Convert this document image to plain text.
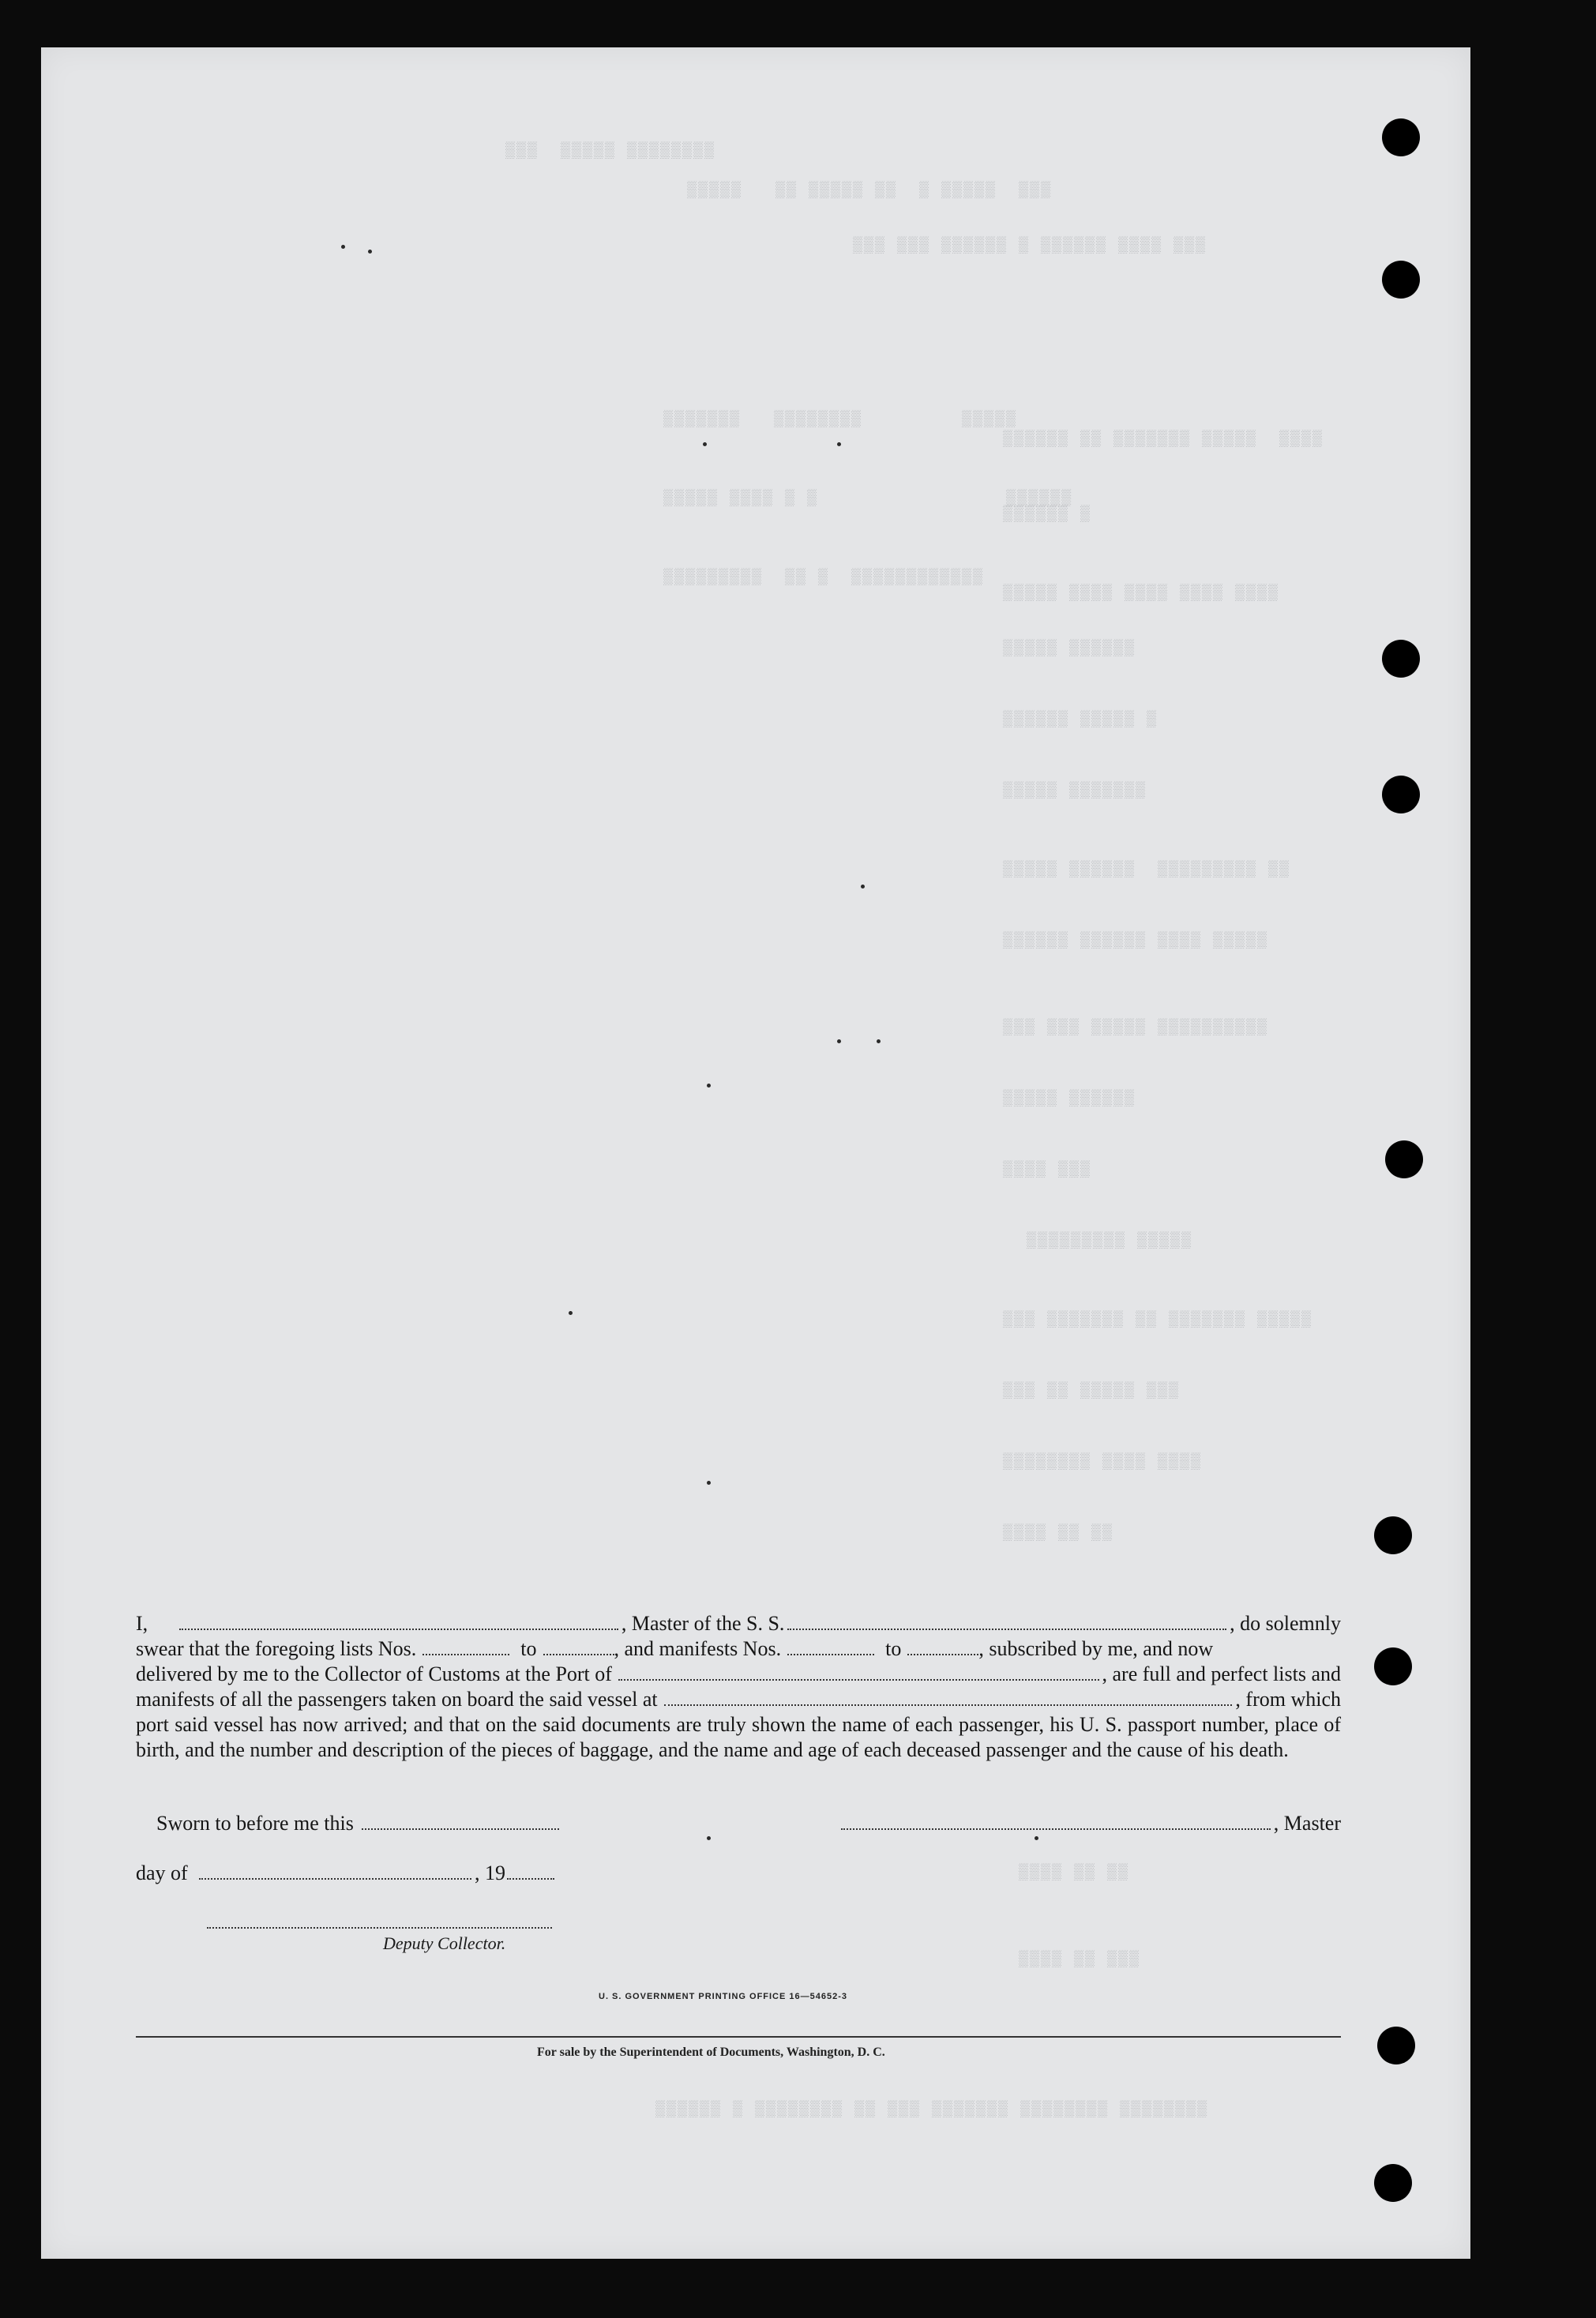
▒▒▒  ▒▒▒▒▒ ▒▒▒▒▒▒▒▒
▒▒▒▒▒   ▒▒ ▒▒▒▒▒ ▒▒  ▒ ▒▒▒▒▒  ▒▒▒
▒▒▒ ▒▒▒ ▒▒▒▒▒▒ ▒ ▒▒▒▒▒▒ ▒▒▒▒ ▒▒▒
▒▒▒▒▒▒▒   ▒▒▒▒▒▒▒▒         ▒▒▒▒▒
▒▒▒▒▒▒ ▒▒ ▒▒▒▒▒▒▒ ▒▒▒▒▒  ▒▒▒▒
▒▒▒▒▒ ▒▒▒▒ ▒ ▒                 ▒▒▒▒▒▒
▒▒▒▒▒▒ ▒
▒▒▒▒▒▒▒▒▒  ▒▒ ▒  ▒▒▒▒▒▒▒▒▒▒▒▒
▒▒▒▒▒ ▒▒▒▒ ▒▒▒▒ ▒▒▒▒ ▒▒▒▒
▒▒▒▒▒ ▒▒▒▒▒▒
▒▒▒▒▒▒ ▒▒▒▒▒ ▒
▒▒▒▒▒ ▒▒▒▒▒▒▒
▒▒▒▒▒ ▒▒▒▒▒▒  ▒▒▒▒▒▒▒▒▒ ▒▒
▒▒▒▒▒▒ ▒▒▒▒▒▒ ▒▒▒▒ ▒▒▒▒▒
▒▒▒ ▒▒▒ ▒▒▒▒▒ ▒▒▒▒▒▒▒▒▒▒
▒▒▒▒▒ ▒▒▒▒▒▒
▒▒▒▒ ▒▒▒
▒▒▒▒▒▒▒▒▒ ▒▒▒▒▒
▒▒▒ ▒▒▒▒▒▒▒ ▒▒ ▒▒▒▒▒▒▒ ▒▒▒▒▒
▒▒▒ ▒▒ ▒▒▒▒▒ ▒▒▒
▒▒▒▒▒▒▒▒ ▒▒▒▒ ▒▒▒▒
▒▒▒▒ ▒▒ ▒▒
▒▒▒▒ ▒▒ ▒▒
▒▒▒▒ ▒▒ ▒▒▒
▒▒▒▒▒▒ ▒ ▒▒▒▒▒▒▒▒ ▒▒ ▒▒▒ ▒▒▒▒▒▒▒ ▒▒▒▒▒▒▒▒ ▒▒▒▒▒▒▒▒
I,	, Master of the S. S.	, do solemnly
swear that the foregoing lists Nos.	to	, and manifests Nos.	to	, subscribed by me, and now
delivered by me to the Collector of Customs at the Port of	, are full and perfect lists and
manifests of all the passengers taken on board the said vessel at	, from which
port said vessel has now arrived; and that on the said documents are truly shown the name of each passenger, his U. S. passport number, place of birth, and the number and description of the pieces of baggage, and the name and age of each deceased passenger and the cause of his death.
Sworn to before me this	, Master
day of	, 19
Deputy Collector.
U. S. GOVERNMENT PRINTING OFFICE 16—54652-3
For sale by the Superintendent of Documents, Washington, D. C.
